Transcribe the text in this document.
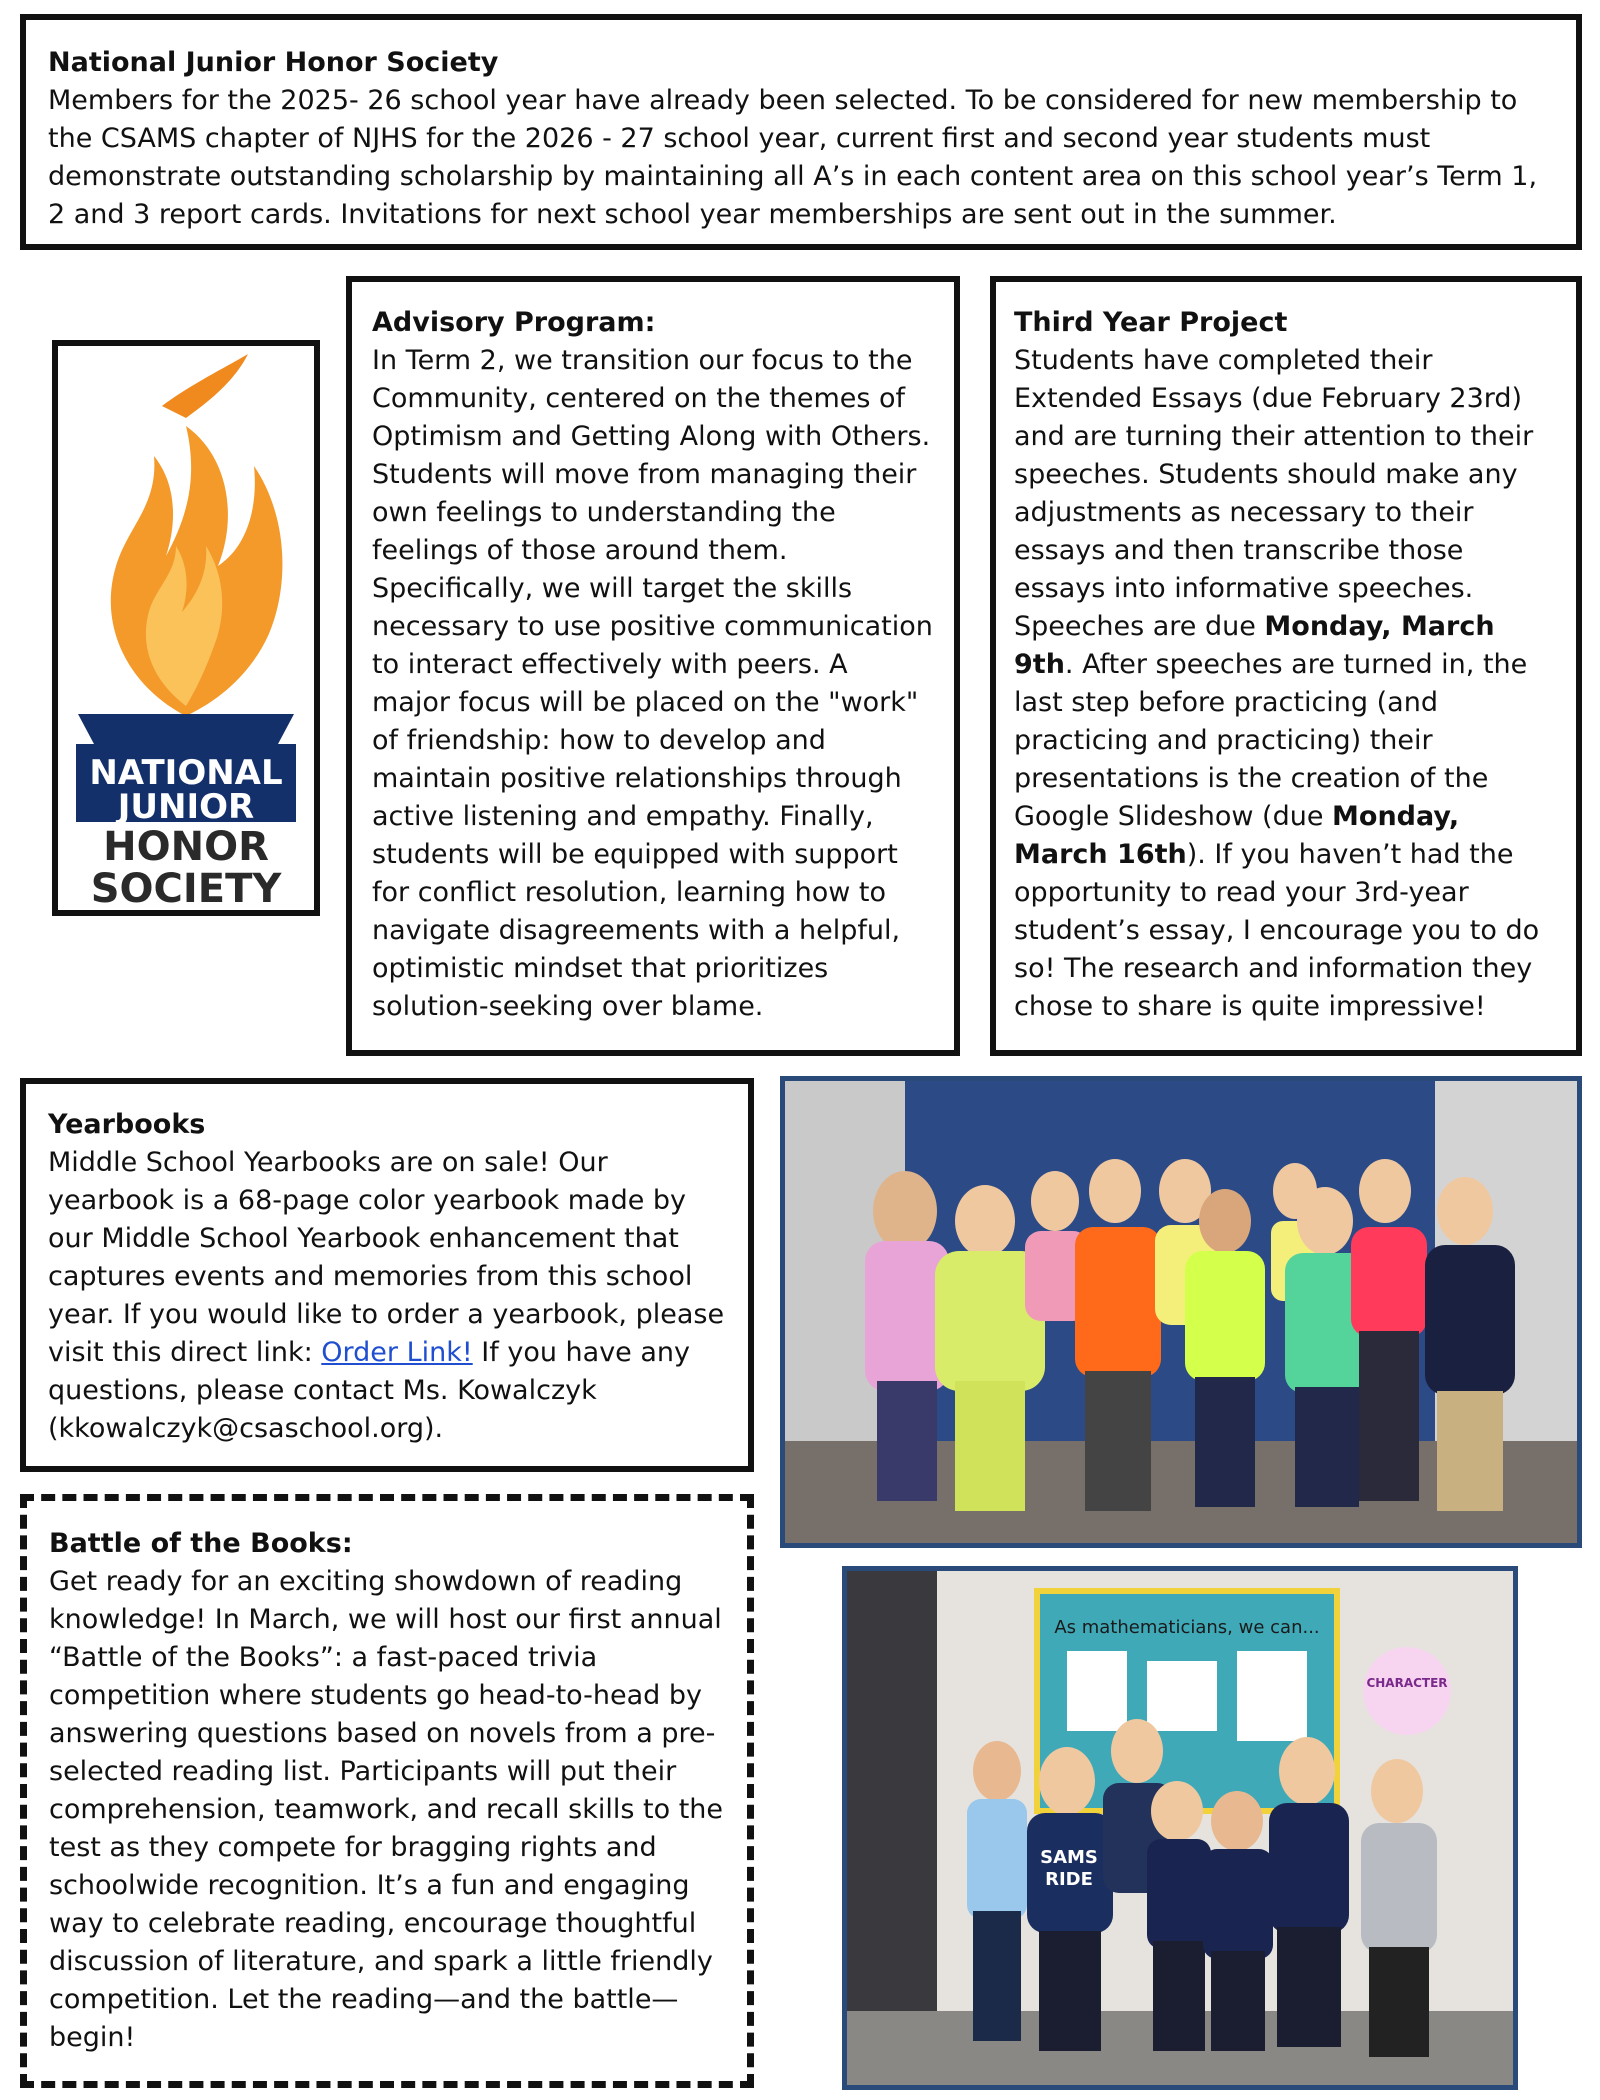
National Junior Honor Society
Members for the 2025- 26 school year have already been selected. To be considered for new membership to the CSAMS chapter of NJHS for the 2026 - 27 school year, current first and second year students must demonstrate outstanding scholarship by maintaining all A’s in each content area on this school year’s Term 1, 2 and 3 report cards. Invitations for next school year memberships are sent out in the summer.
NATIONAL
JUNIOR
HONOR
SOCIETY
Advisory Program:
In Term 2, we transition our focus to the Community, centered on the themes of Optimism and Getting Along with Others. Students will move from managing their own feelings to understanding the feelings of those around them. Specifically, we will target the skills necessary to use positive communication to interact effectively with peers. A major focus will be placed on the "work" of friendship: how to develop and maintain positive relationships through active listening and empathy. Finally, students will be equipped with support for conflict resolution, learning how to navigate disagreements with a helpful, optimistic mindset that prioritizes solution-seeking over blame.
Third Year Project
Students have completed their Extended Essays (due February 23rd) and are turning their attention to their speeches. Students should make any adjustments as necessary to their essays and then transcribe those essays into informative speeches. Speeches are due Monday, March 9th. After speeches are turned in, the last step before practicing (and practicing and practicing) their presentations is the creation of the Google Slideshow (due Monday, March 16th). If you haven’t had the opportunity to read your 3rd-year student’s essay, I encourage you to do so! The research and information they chose to share is quite impressive!
Yearbooks
Middle School Yearbooks are on sale! Our yearbook is a 68-page color yearbook made by our Middle School Yearbook enhancement that captures events and memories from this school year. If you would like to order a yearbook, please visit this direct link: Order Link! If you have any questions, please contact Ms. Kowalczyk (kkowalczyk@csaschool.org).
Battle of the Books:
Get ready for an exciting showdown of reading knowledge! In March, we will host our first annual “Battle of the Books”: a fast-paced trivia competition where students go head-to-head by answering questions based on novels from a pre-selected reading list. Participants will put their comprehension, teamwork, and recall skills to the test as they compete for bragging rights and schoolwide recognition. It’s a fun and engaging way to celebrate reading, encourage thoughtful discussion of literature, and spark a little friendly competition. Let the reading—and the battle—begin!
As mathematicians, we can...
CHARACTER
SAMS
RIDE
